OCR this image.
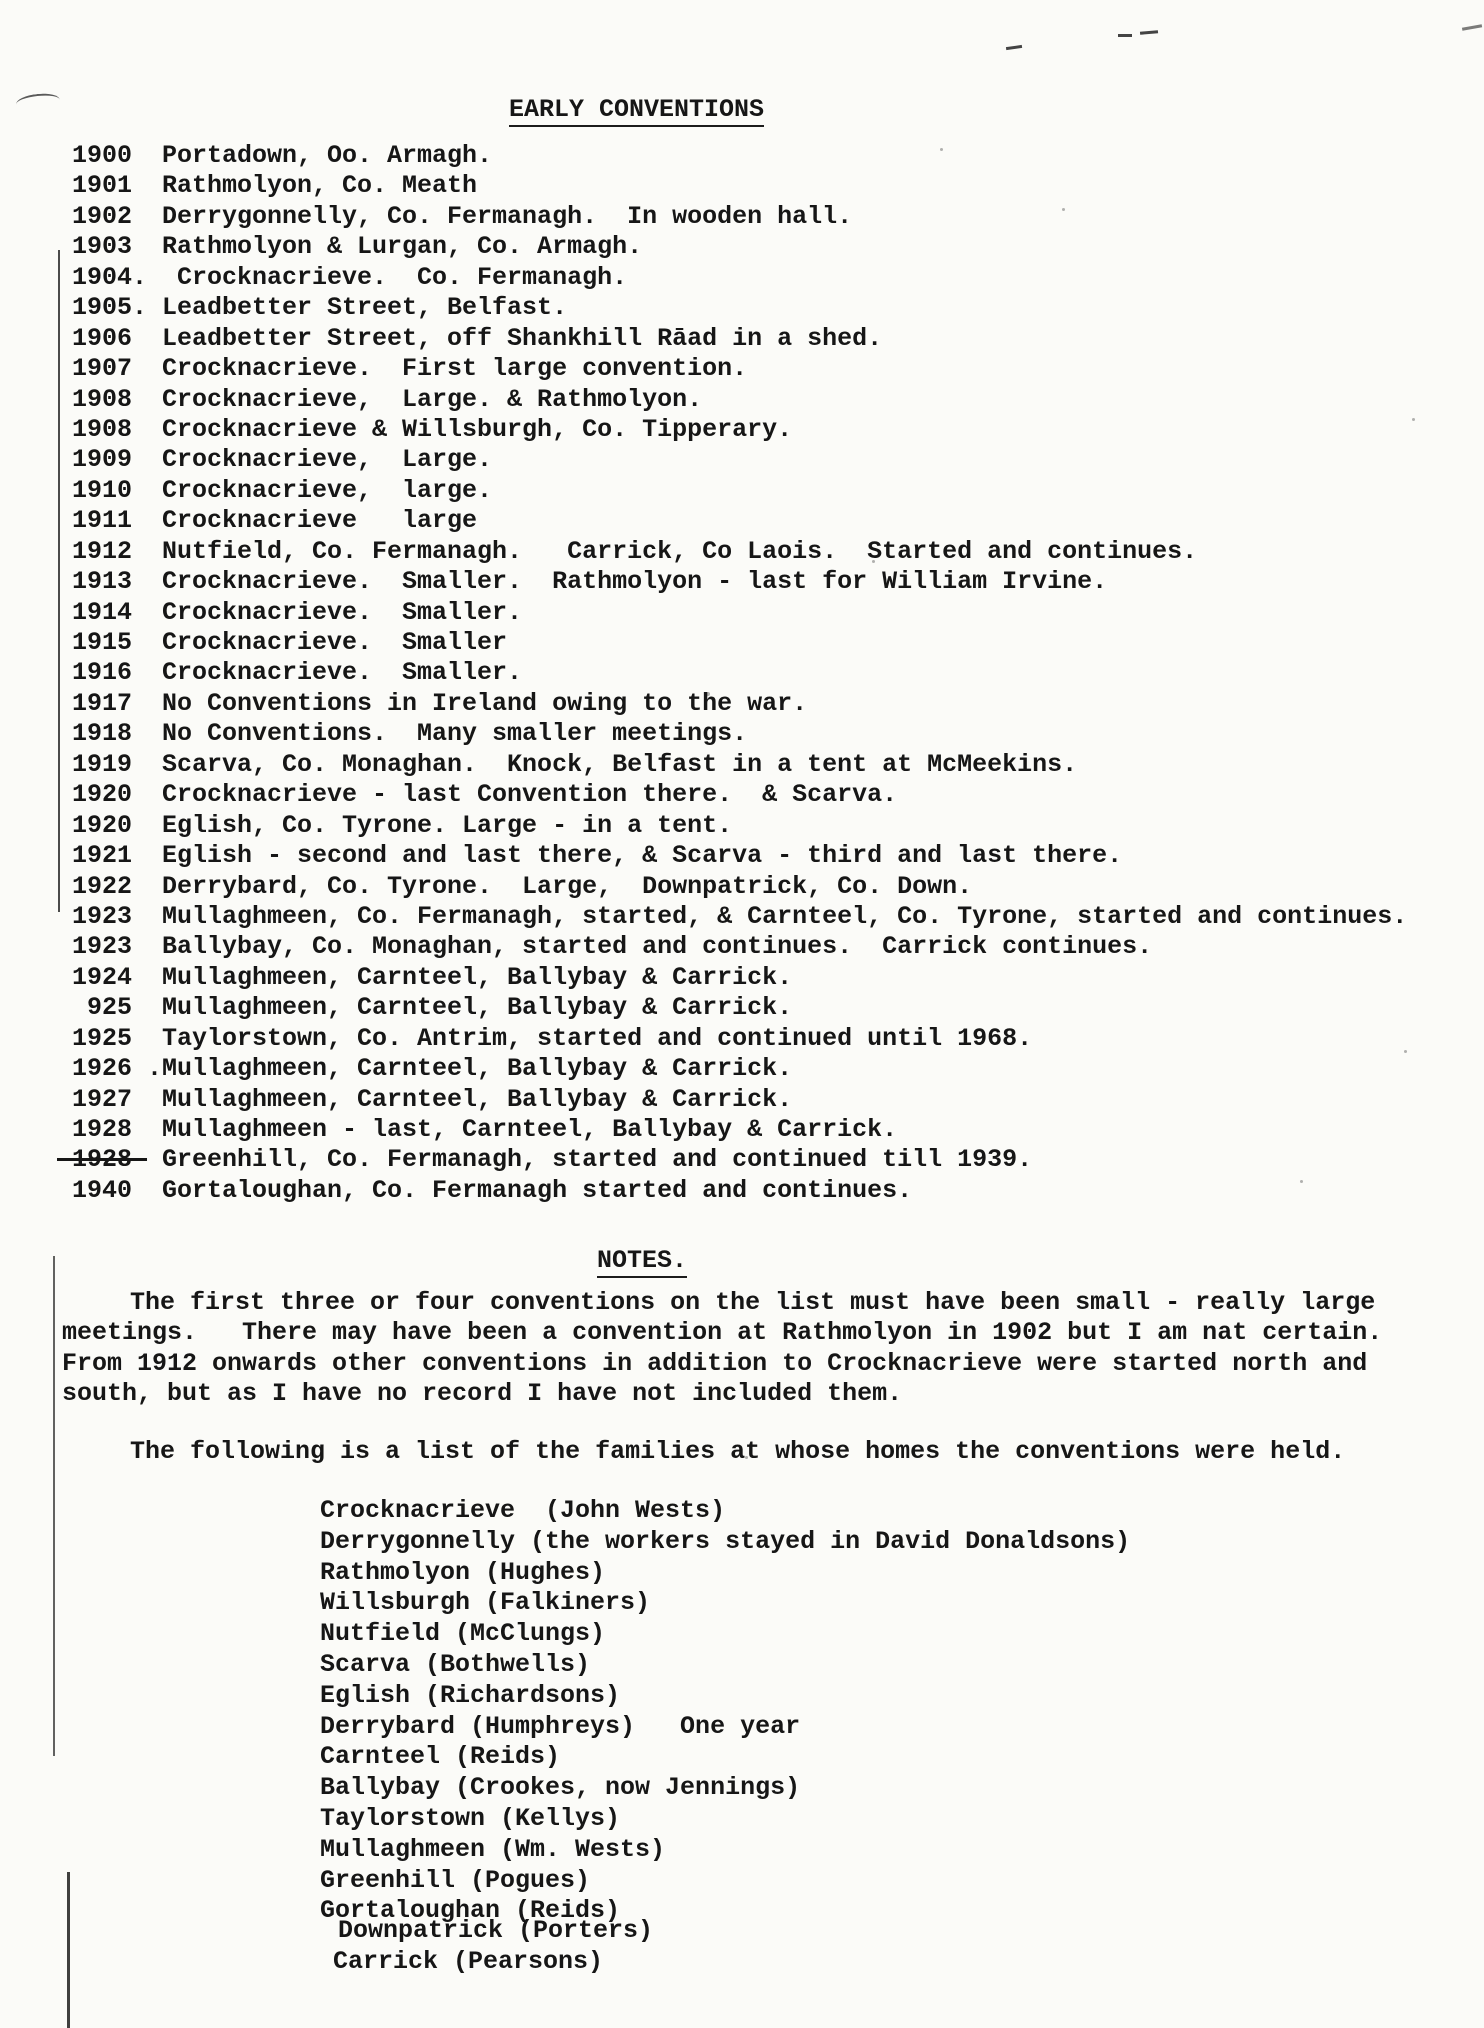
EARLY CONVENTIONS
1900 Portadown, Oo. Armagh.
1901 Rathmolyon, Co. Meath
1902 Derrygonnelly, Co. Fermanagh.  In wooden hall.
1903 Rathmolyon & Lurgan, Co. Armagh.
1904. Crocknacrieve.  Co. Fermanagh.
1905. Leadbetter Street, Belfast.
1906 Leadbetter Street, off Shankhill Rāad in a shed.
1907 Crocknacrieve.  First large convention.
1908 Crocknacrieve,  Large. & Rathmolyon.
1908 Crocknacrieve & Willsburgh, Co. Tipperary.
1909 Crocknacrieve,  Large.
1910 Crocknacrieve,  large.
1911 Crocknacrieve   large
1912 Nutfield, Co. Fermanagh.   Carrick, Co Laois.  Started and continues.
1913 Crocknacrieve.  Smaller.  Rathmolyon - last for William Irvine.
1914 Crocknacrieve.  Smaller.
1915 Crocknacrieve.  Smaller
1916 Crocknacrieve.  Smaller.
1917 No Conventions in Ireland owing to the war.
1918 No Conventions.  Many smaller meetings.
1919 Scarva, Co. Monaghan.  Knock, Belfast in a tent at McMeekins.
1920 Crocknacrieve - last Convention there.  & Scarva.
1920 Eglish, Co. Tyrone. Large - in a tent.
1921 Eglish - second and last there, & Scarva - third and last there.
1922 Derrybard, Co. Tyrone.  Large,  Downpatrick, Co. Down.
1923 Mullaghmeen, Co. Fermanagh, started, & Carnteel, Co. Tyrone, started and continues.
1923 Ballybay, Co. Monaghan, started and continues.  Carrick continues.
1924 Mullaghmeen, Carnteel, Ballybay & Carrick.
925 Mullaghmeen, Carnteel, Ballybay & Carrick.
1925 Taylorstown, Co. Antrim, started and continued until 1968.
1926 .Mullaghmeen, Carnteel, Ballybay & Carrick.
1927 Mullaghmeen, Carnteel, Ballybay & Carrick.
1928 Mullaghmeen - last, Carnteel, Ballybay & Carrick.
-1928- Greenhill, Co. Fermanagh, started and continued till 1939.
1940 Gortaloughan, Co. Fermanagh started and continues.
NOTES.
The first three or four conventions on the list must have been small - really large
meetings.   There may have been a convention at Rathmolyon in 1902 but I am nat certain.
From 1912 onwards other conventions in addition to Crocknacrieve were started north and
south, but as I have no record I have not included them.
The following is a list of the families at whose homes the conventions were held.
Crocknacrieve  (John Wests)
Derrygonnelly (the workers stayed in David Donaldsons)
Rathmolyon (Hughes)
Willsburgh (Falkiners)
Nutfield (McClungs)
Scarva (Bothwells)
Eglish (Richardsons)
Derrybard (Humphreys)   One year
Carnteel (Reids)
Ballybay (Crookes, now Jennings)
Taylorstown (Kellys)
Mullaghmeen (Wm. Wests)
Greenhill (Pogues)
Gortaloughan (Reids)
Downpatrick (Porters)
Carrick (Pearsons)
